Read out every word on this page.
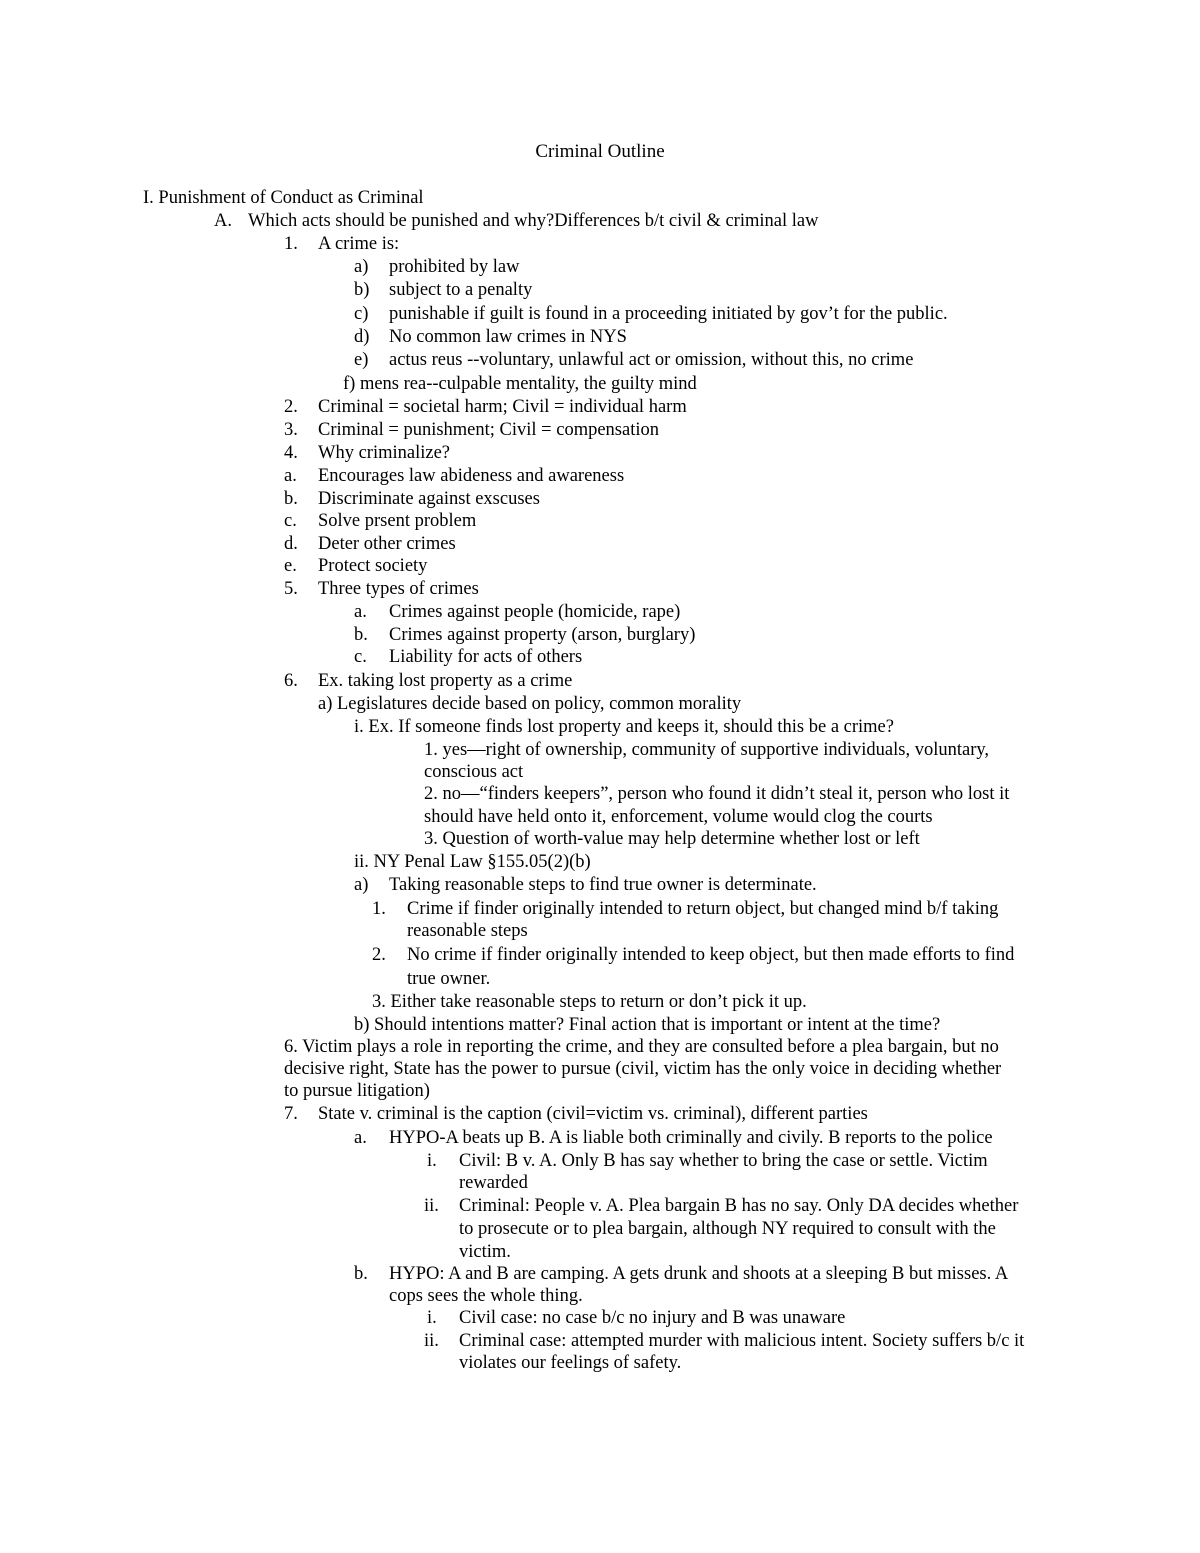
Criminal Outline
I. Punishment of Conduct as Criminal
A. Which acts should be punished and why?Differences b/t civil & criminal law
1. A crime is:
a) prohibited by law
b) subject to a penalty
c) punishable if guilt is found in a proceeding initiated by gov’t for the public.
d) No common law crimes in NYS
e) actus reus --voluntary, unlawful act or omission, without this, no crime
f) mens rea--culpable mentality, the guilty mind
2. Criminal = societal harm; Civil = individual harm
3. Criminal = punishment; Civil = compensation
4. Why criminalize?
a. Encourages law abideness and awareness
b. Discriminate against exscuses
c. Solve prsent problem
d. Deter other crimes
e. Protect society
5. Three types of crimes
a. Crimes against people (homicide, rape)
b. Crimes against property (arson, burglary)
c. Liability for acts of others
6. Ex. taking lost property as a crime
a) Legislatures decide based on policy, common morality
i. Ex. If someone finds lost property and keeps it, should this be a crime?
1. yes—right of ownership, community of supportive individuals, voluntary,
conscious act
2. no—“finders keepers”, person who found it didn’t steal it, person who lost it
should have held onto it, enforcement, volume would clog the courts
3. Question of worth-value may help determine whether lost or left
ii. NY Penal Law §155.05(2)(b)
a) Taking reasonable steps to find true owner is determinate.
1. Crime if finder originally intended to return object, but changed mind b/f taking
reasonable steps
2. No crime if finder originally intended to keep object, but then made efforts to find
true owner.
3. Either take reasonable steps to return or don’t pick it up.
b) Should intentions matter? Final action that is important or intent at the time?
6. Victim plays a role in reporting the crime, and they are consulted before a plea bargain, but no
decisive right, State has the power to pursue (civil, victim has the only voice in deciding whether
to pursue litigation)
7. State v. criminal is the caption (civil=victim vs. criminal), different parties
a. HYPO-A beats up B. A is liable both criminally and civily. B reports to the police
i. Civil: B v. A. Only B has say whether to bring the case or settle. Victim
rewarded
ii. Criminal: People v. A. Plea bargain B has no say. Only DA decides whether
to prosecute or to plea bargain, although NY required to consult with the
victim.
b. HYPO: A and B are camping. A gets drunk and shoots at a sleeping B but misses. A
cops sees the whole thing.
i. Civil case: no case b/c no injury and B was unaware
ii. Criminal case: attempted murder with malicious intent. Society suffers b/c it
violates our feelings of safety.
